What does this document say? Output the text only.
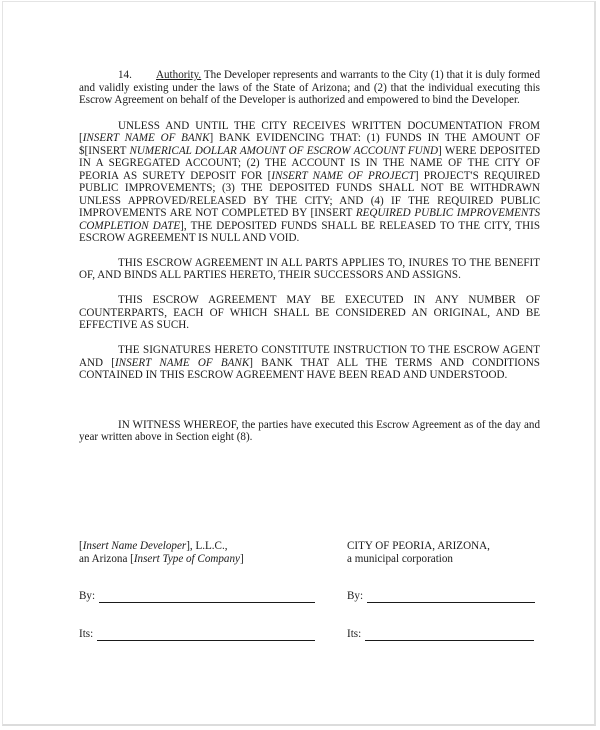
14. Authority. The Developer represents and warrants to the City (1) that it is duly formed and validly existing under the laws of the State of Arizona; and (2) that the individual executing this Escrow Agreement on behalf of the Developer is authorized and empowered to bind the Developer.

UNLESS AND UNTIL THE CITY RECEIVES WRITTEN DOCUMENTATION FROM [INSERT NAME OF BANK] BANK EVIDENCING THAT: (1) FUNDS IN THE AMOUNT OF $[INSERT NUMERICAL DOLLAR AMOUNT OF ESCROW ACCOUNT FUND] WERE DEPOSITED IN A SEGREGATED ACCOUNT; (2) THE ACCOUNT IS IN THE NAME OF THE CITY OF PEORIA AS SURETY DEPOSIT FOR [INSERT NAME OF PROJECT] PROJECT'S REQUIRED PUBLIC IMPROVEMENTS; (3) THE DEPOSITED FUNDS SHALL NOT BE WITHDRAWN UNLESS APPROVED/RELEASED BY THE CITY; AND (4) IF THE REQUIRED PUBLIC IMPROVEMENTS ARE NOT COMPLETED BY [INSERT REQUIRED PUBLIC IMPROVEMENTS COMPLETION DATE], THE DEPOSITED FUNDS SHALL BE RELEASED TO THE CITY, THIS ESCROW AGREEMENT IS NULL AND VOID.

THIS ESCROW AGREEMENT IN ALL PARTS APPLIES TO, INURES TO THE BENEFIT OF, AND BINDS ALL PARTIES HERETO, THEIR SUCCESSORS AND ASSIGNS.

THIS ESCROW AGREEMENT MAY BE EXECUTED IN ANY NUMBER OF COUNTERPARTS, EACH OF WHICH SHALL BE CONSIDERED AN ORIGINAL, AND BE EFFECTIVE AS SUCH.

THE SIGNATURES HERETO CONSTITUTE INSTRUCTION TO THE ESCROW AGENT AND [INSERT NAME OF BANK] BANK THAT ALL THE TERMS AND CONDITIONS CONTAINED IN THIS ESCROW AGREEMENT HAVE BEEN READ AND UNDERSTOOD.

IN WITNESS WHEREOF, the parties have executed this Escrow Agreement as of the day and year written above in Section eight (8).

[Insert Name Developer], L.L.C.,
an Arizona [Insert Type of Company]
CITY OF PEORIA, ARIZONA,
a municipal corporation
By:
Its:
By:
Its:
